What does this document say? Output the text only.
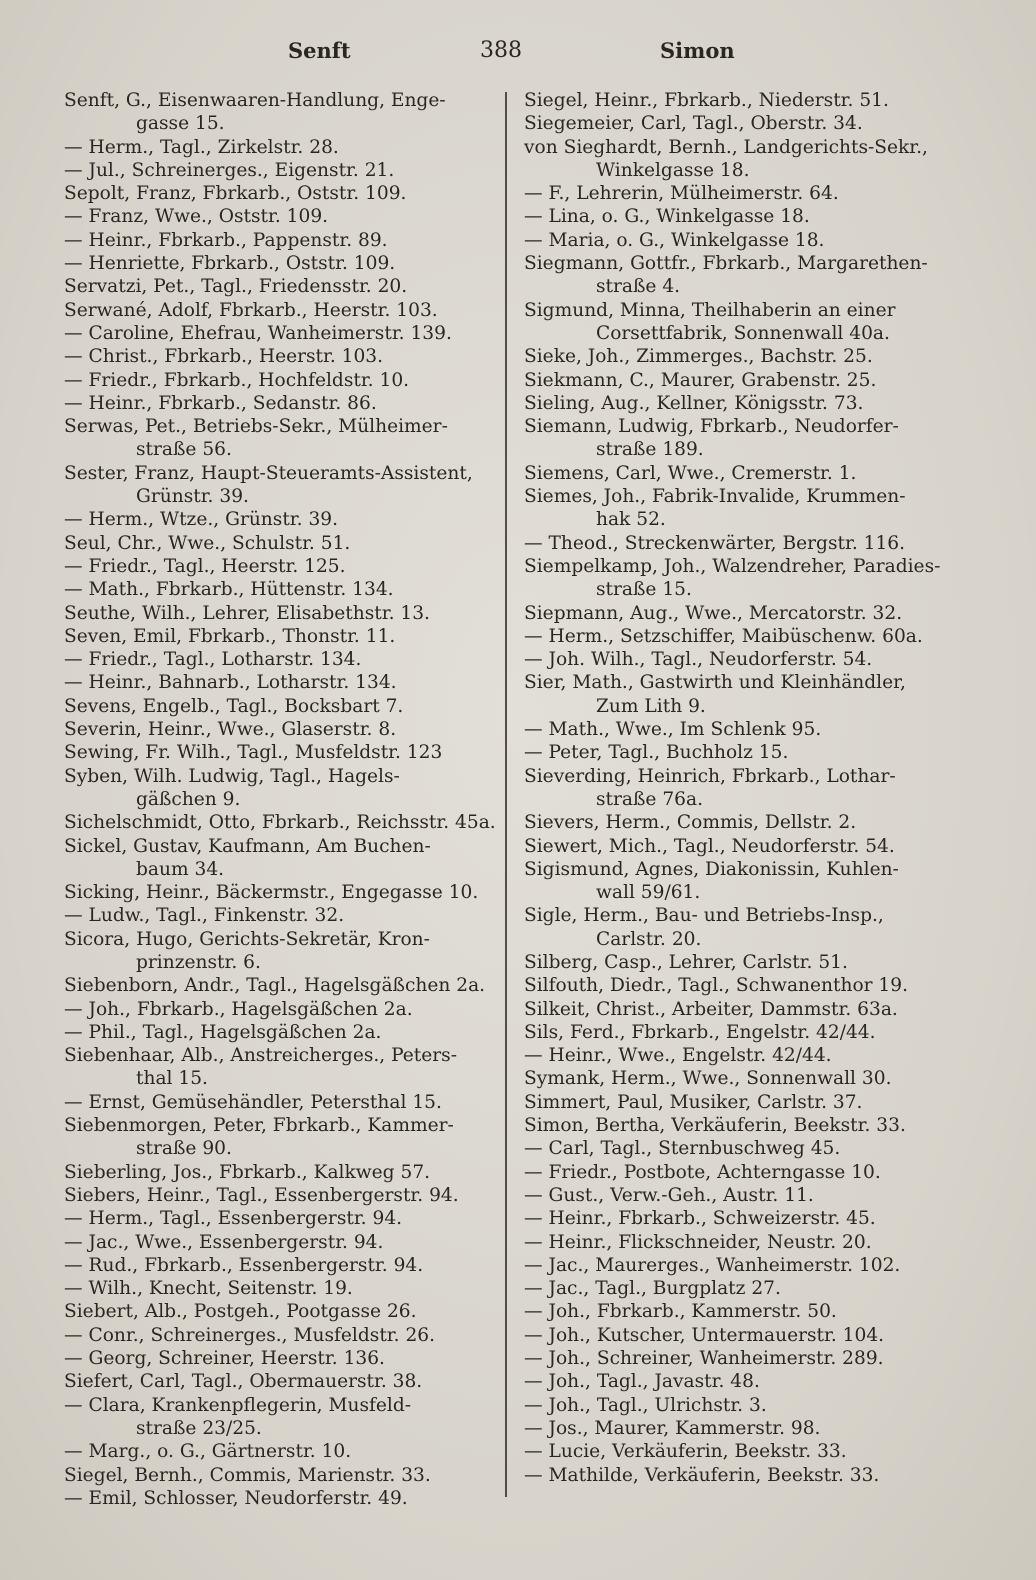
Senft	388	Simon
Senft, G., Eisenwaaren-Handlung, Enge-
gasse 15.
— Herm., Tagl., Zirkelstr. 28.
— Jul., Schreinerges., Eigenstr. 21.
Sepolt, Franz, Fbrkarb., Oststr. 109.
— Franz, Wwe., Oststr. 109.
— Heinr., Fbrkarb., Pappenstr. 89.
— Henriette, Fbrkarb., Oststr. 109.
Servatzi, Pet., Tagl., Friedensstr. 20.
Serwané, Adolf, Fbrkarb., Heerstr. 103.
— Caroline, Ehefrau, Wanheimerstr. 139.
— Christ., Fbrkarb., Heerstr. 103.
— Friedr., Fbrkarb., Hochfeldstr. 10.
— Heinr., Fbrkarb., Sedanstr. 86.
Serwas, Pet., Betriebs-Sekr., Mülheimer-
straße 56.
Sester, Franz, Haupt-Steueramts-Assistent,
Grünstr. 39.
— Herm., Wtze., Grünstr. 39.
Seul, Chr., Wwe., Schulstr. 51.
— Friedr., Tagl., Heerstr. 125.
— Math., Fbrkarb., Hüttenstr. 134.
Seuthe, Wilh., Lehrer, Elisabethstr. 13.
Seven, Emil, Fbrkarb., Thonstr. 11.
— Friedr., Tagl., Lotharstr. 134.
— Heinr., Bahnarb., Lotharstr. 134.
Sevens, Engelb., Tagl., Bocksbart 7.
Severin, Heinr., Wwe., Glaserstr. 8.
Sewing, Fr. Wilh., Tagl., Musfeldstr. 123
Syben, Wilh. Ludwig, Tagl., Hagels-
gäßchen 9.
Sichelschmidt, Otto, Fbrkarb., Reichsstr. 45a.
Sickel, Gustav, Kaufmann, Am Buchen-
baum 34.
Sicking, Heinr., Bäckermstr., Engegasse 10.
— Ludw., Tagl., Finkenstr. 32.
Sicora, Hugo, Gerichts-Sekretär, Kron-
prinzenstr. 6.
Siebenborn, Andr., Tagl., Hagelsgäßchen 2a.
— Joh., Fbrkarb., Hagelsgäßchen 2a.
— Phil., Tagl., Hagelsgäßchen 2a.
Siebenhaar, Alb., Anstreicherges., Peters-
thal 15.
— Ernst, Gemüsehändler, Petersthal 15.
Siebenmorgen, Peter, Fbrkarb., Kammer-
straße 90.
Sieberling, Jos., Fbrkarb., Kalkweg 57.
Siebers, Heinr., Tagl., Essenbergerstr. 94.
— Herm., Tagl., Essenbergerstr. 94.
— Jac., Wwe., Essenbergerstr. 94.
— Rud., Fbrkarb., Essenbergerstr. 94.
— Wilh., Knecht, Seitenstr. 19.
Siebert, Alb., Postgeh., Pootgasse 26.
— Conr., Schreinerges., Musfeldstr. 26.
— Georg, Schreiner, Heerstr. 136.
Siefert, Carl, Tagl., Obermauerstr. 38.
— Clara, Krankenpflegerin, Musfeld-
straße 23/25.
— Marg., o. G., Gärtnerstr. 10.
Siegel, Bernh., Commis, Marienstr. 33.
— Emil, Schlosser, Neudorferstr. 49.
Siegel, Heinr., Fbrkarb., Niederstr. 51.
Siegemeier, Carl, Tagl., Oberstr. 34.
von Sieghardt, Bernh., Landgerichts-Sekr.,
Winkelgasse 18.
— F., Lehrerin, Mülheimerstr. 64.
— Lina, o. G., Winkelgasse 18.
— Maria, o. G., Winkelgasse 18.
Siegmann, Gottfr., Fbrkarb., Margarethen-
straße 4.
Sigmund, Minna, Theilhaberin an einer
Corsettfabrik, Sonnenwall 40a.
Sieke, Joh., Zimmerges., Bachstr. 25.
Siekmann, C., Maurer, Grabenstr. 25.
Sieling, Aug., Kellner, Königsstr. 73.
Siemann, Ludwig, Fbrkarb., Neudorfer-
straße 189.
Siemens, Carl, Wwe., Cremerstr. 1.
Siemes, Joh., Fabrik-Invalide, Krummen-
hak 52.
— Theod., Streckenwärter, Bergstr. 116.
Siempelkamp, Joh., Walzendreher, Paradies-
straße 15.
Siepmann, Aug., Wwe., Mercatorstr. 32.
— Herm., Setzschiffer, Maibüschenw. 60a.
— Joh. Wilh., Tagl., Neudorferstr. 54.
Sier, Math., Gastwirth und Kleinhändler,
Zum Lith 9.
— Math., Wwe., Im Schlenk 95.
— Peter, Tagl., Buchholz 15.
Sieverding, Heinrich, Fbrkarb., Lothar-
straße 76a.
Sievers, Herm., Commis, Dellstr. 2.
Siewert, Mich., Tagl., Neudorferstr. 54.
Sigismund, Agnes, Diakonissin, Kuhlen-
wall 59/61.
Sigle, Herm., Bau- und Betriebs-Insp.,
Carlstr. 20.
Silberg, Casp., Lehrer, Carlstr. 51.
Silfouth, Diedr., Tagl., Schwanenthor 19.
Silkeit, Christ., Arbeiter, Dammstr. 63a.
Sils, Ferd., Fbrkarb., Engelstr. 42/44.
— Heinr., Wwe., Engelstr. 42/44.
Symank, Herm., Wwe., Sonnenwall 30.
Simmert, Paul, Musiker, Carlstr. 37.
Simon, Bertha, Verkäuferin, Beekstr. 33.
— Carl, Tagl., Sternbuschweg 45.
— Friedr., Postbote, Achterngasse 10.
— Gust., Verw.-Geh., Austr. 11.
— Heinr., Fbrkarb., Schweizerstr. 45.
— Heinr., Flickschneider, Neustr. 20.
— Jac., Maurerges., Wanheimerstr. 102.
— Jac., Tagl., Burgplatz 27.
— Joh., Fbrkarb., Kammerstr. 50.
— Joh., Kutscher, Untermauerstr. 104.
— Joh., Schreiner, Wanheimerstr. 289.
— Joh., Tagl., Javastr. 48.
— Joh., Tagl., Ulrichstr. 3.
— Jos., Maurer, Kammerstr. 98.
— Lucie, Verkäuferin, Beekstr. 33.
— Mathilde, Verkäuferin, Beekstr. 33.
